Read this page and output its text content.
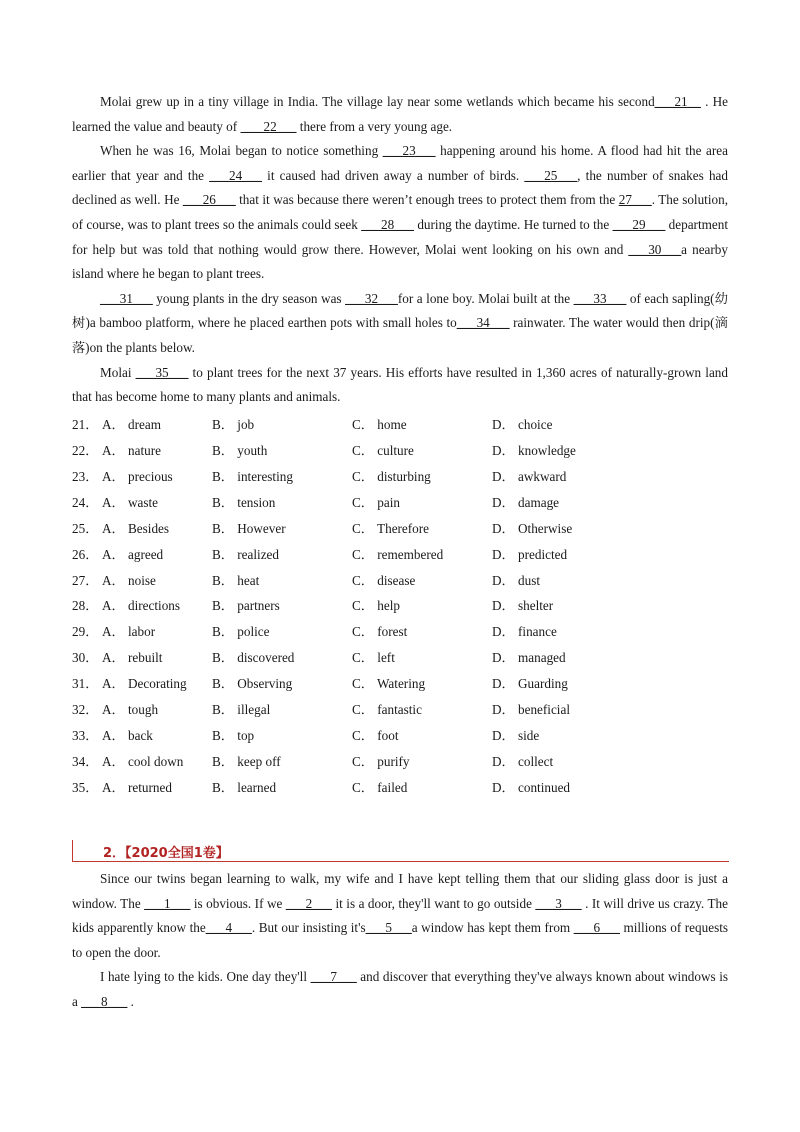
Molai grew up in a tiny village in India. The village lay near some wetlands which became his second___21__ . He learned the value and beauty of  ___22___ there from a very young age.

When he was 16, Molai began to notice something ___23___ happening around his home. A flood had hit the area earlier that year and the ___24___ it caused had driven away a number of birds. ___25___, the number of snakes had declined as well. He ___26___ that it was because there weren’t enough trees to protect them from the 27___. The solution, of course, was to plant trees so the animals could seek ___28___ during the daytime. He turned to the ___29___ department for help but was told that nothing would grow there. However, Molai went looking on his own and ___30___a nearby island where he began to plant trees.

___31___ young plants in the dry season was ___32___for a lone boy. Molai built at the ___33___ of each sapling(幼树)a bamboo platform, where he placed earthen pots with small holes to___34___ rainwater. The water would then drip(滴落)on the plants below.

Molai ___35___ to plant trees for the next 37 years. His efforts have resulted in 1,360 acres of naturally-grown land that has become home to many plants and animals.

21． A． dream	B． job	C． home	D． choice
22． A． nature	B． youth	C． culture	D． knowledge
23． A． precious	B． interesting	C． disturbing	D． awkward
24． A． waste	B． tension	C． pain	D． damage
25． A． Besides	B． However	C． Therefore	D． Otherwise
26． A． agreed	B． realized	C． remembered	D． predicted
27． A． noise	B． heat	C． disease	D． dust
28． A． directions	B． partners	C． help	D． shelter
29． A． labor	B． police	C． forest	D． finance
30． A． rebuilt	B． discovered	C． left	D． managed
31． A． Decorating	B． Observing	C． Watering	D． Guarding
32． A． tough	B． illegal	C． fantastic	D． beneficial
33． A． back	B． top	C． foot	D． side
34． A． cool down	B． keep off	C． purify	D． collect
35． A． returned	B． learned	C． failed	D． continued
2．【2020全国1卷】

Since our twins began learning to walk, my wife and I have kept telling them that our sliding glass door is just a window. The ___1___ is obvious. If we ___2___ it is a door, they'll want to go outside ___3___ . It will drive us crazy. The kids apparently know the___4___. But our insisting it's___5___a window has kept them from ___6___ millions of requests to open the door.

I hate lying to the kids. One day they'll ___7___ and discover that everything they've always known about windows is a ___8___ .
